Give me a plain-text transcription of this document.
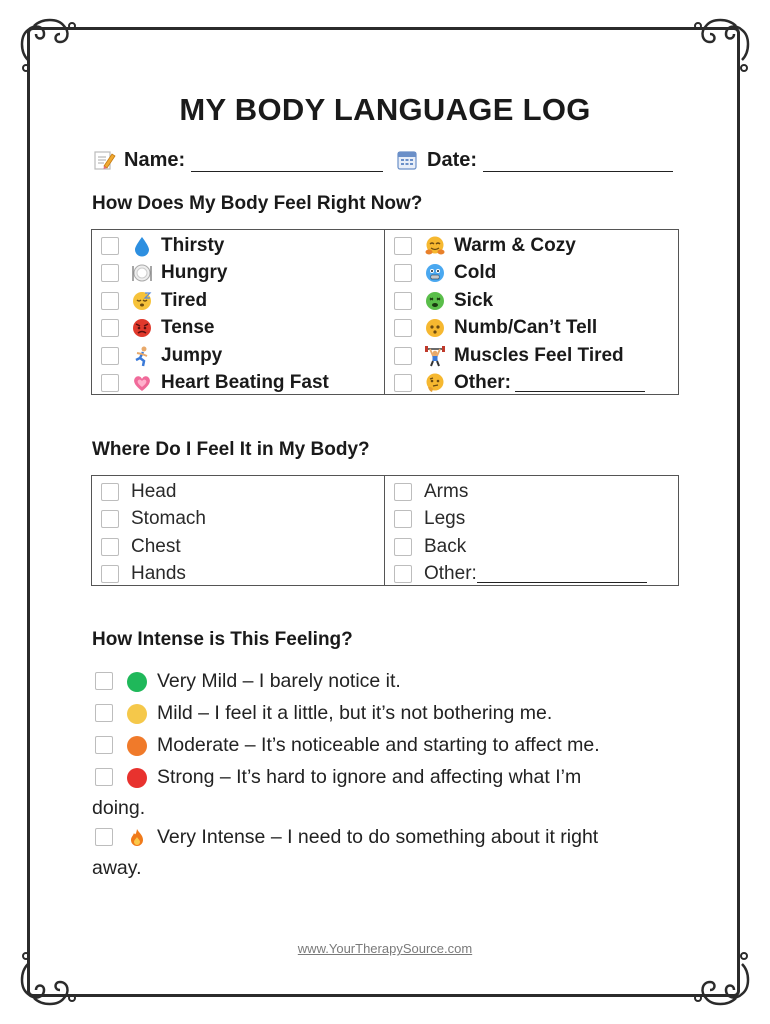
MY BODY LANGUAGE LOG
Name:	Date:
How Does My Body Feel Right Now?
Thirsty
Hungry
Tired
Tense
Jumpy
Heart Beating Fast
Warm & Cozy
Cold
Sick
Numb/Can’t Tell
Muscles Feel Tired
Other:
Where Do I Feel It in My Body?
Head
Stomach
Chest
Hands
Arms
Legs
Back
Other:
How Intense is This Feeling?
Very Mild – I barely notice it.
Mild – I feel it a little, but it’s not bothering me.
Moderate – It’s noticeable and starting to affect me.
Strong – It’s hard to ignore and affecting what I’m
doing.
Very Intense – I need to do something about it right
away.
www.YourTherapySource.com
